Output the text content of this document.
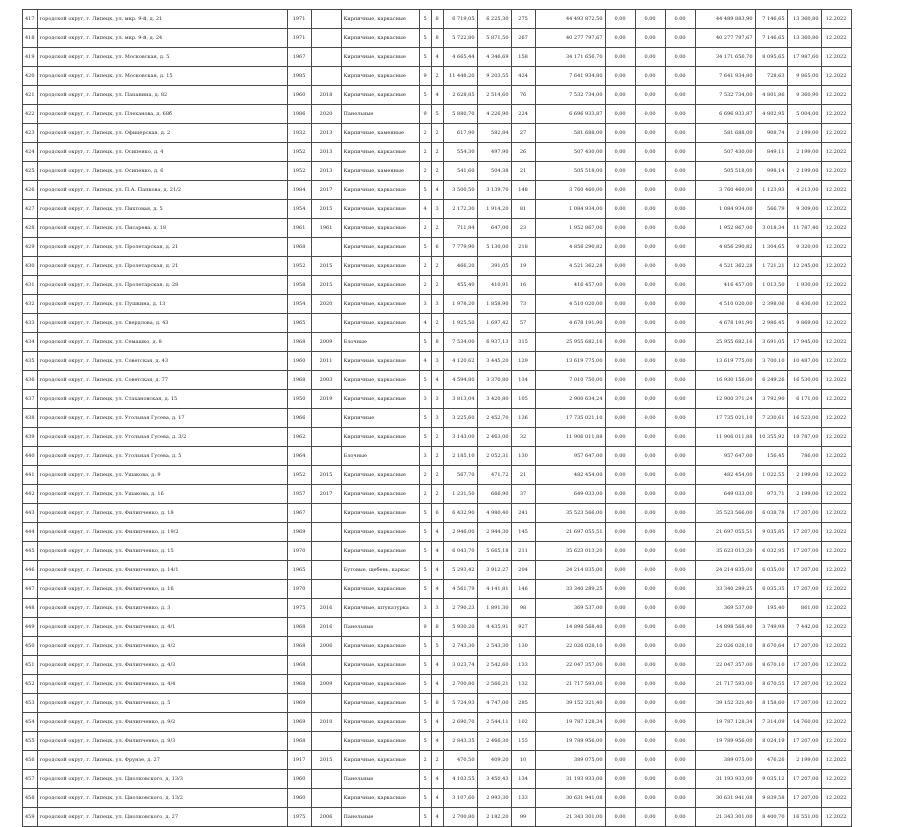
417	городской округ, г. Липецк, ул. мкр. 9-й, д. 21	1971		Кирпичные, каркасные	5	8	6 719,05	6 225,30	275	44 493 872,50	0,00	0,00	0,00	44 489 883,90	7 146,65	13 360,80	12.2022
418	городской округ, г. Липецк, ул. мкр. 9-й, д. 24	1971		Кирпичные, каркасные	5	8	5 722,80	5 871,50	267	40 277 797,67	0,00	0,00	0,00	40 277 797,67	7 146,65	13 360,80	12.2022
419	городской округ, г. Липецк, ул. Московская, д. 5	1967		Кирпичные, каркасные	5	4	4 665,44	4 346,69	158	34 171 656,70	0,00	0,00	0,00	34 171 656,70	8 095,65	17 987,60	12.2022
420	городской округ, г. Липецк, ул. Московская, д. 15	1985		Кирпичные, каркасные	9	2	11 448,20	9 203,55	424	7 641 934,80	0,00	0,00	0,00	7 641 934,80	728,63	9 865,00	12.2022
421	городской округ, г. Липецк, ул. Папанина, д. 82	1960	2018	Кирпичные, каркасные	5	4	2 628,85	2 514,60	76	7 532 734,00	0,00	0,00	0,00	7 532 734,00	4 801,86	9 360,90	12.2022
422	городской округ, г. Липецк, ул. Плеханова, д. 68б	1986	2020	Панельные	9	5	5 880,70	4 226,90	224	6 696 933,87	0,00	0,00	0,00	6 696 933,87	4 802,95	5 004,00	12.2022
423	городской округ, г. Липецк, ул. Офицерская, д. 2	1932	2013	Кирпичные, каменные	2	2	617,90	582,84	27	581 688,00	0,00	0,00	0,00	581 688,00	908,74	2 199,00	12.2022
424	городской округ, г. Липецк, ул. Осипенко, д. 4	1952	2013	Кирпичные, каркасные	2	2	554,30	497,90	26	507 430,00	0,00	0,00	0,00	507 430,00	849,11	2 199,00	12.2022
425	городской округ, г. Липецк, ул. Осипенко, д. 6	1952	2013	Кирпичные, каменные	2	2	541,60	504,38	21	505 518,00	0,00	0,00	0,00	505 518,00	998,14	2 199,00	12.2022
426	городской округ, г. Липецк, ул. П.А. Папкова, д. 21/2	1984	2017	Кирпичные, каркасные	5	4	3 500,50	3 139,70	148	3 760 460,00	0,00	0,00	0,00	3 760 460,00	1 123,93	4 213,00	12.2022
427	городской округ, г. Липецк, ул. Пихтовая, д. 5	1954	2015	Кирпичные, каркасные	4	3	2 172,30	1 914,20	81	1 084 934,00	0,00	0,00	0,00	1 084 934,00	566,79	9 309,00	12.2022
428	городской округ, г. Липецк, ул. Писарева, д. 18	1961	1961	Кирпичные, каркасные	2	2	711,84	647,00	23	1 952 867,00	0,00	0,00	0,00	1 952 867,00	3 018,34	11 787,40	12.2022
429	городской округ, г. Липецк, ул. Пролетарская, д. 21	1968		Кирпичные, каркасные	5	6	7 779,90	5 130,00	218	4 856 290,82	0,00	0,00	0,00	4 856 290,82	1 304,65	9 320,00	12.2022
430	городской округ, г. Липецк, ул. Пролетарская, д. 21	1952	2015	Кирпичные, каркасные	2	2	466,20	391,05	19	4 521 362,28	0,00	0,00	0,00	4 521 362,28	1 721,21	12 245,00	12.2022
431	городской округ, г. Липецк, ул. Пролетарская, д. 28	1958	2015	Кирпичные, каркасные	2	2	455,40	410,91	16	416 457,00	0,00	0,00	0,00	416 457,00	1 013,50	1 930,00	12.2022
432	городской округ, г. Липецк, ул. Пушкина, д. 13	1954	2020	Кирпичные, каркасные	3	3	1 978,20	1 858,90	73	4 510 020,00	0,00	0,00	0,00	4 510 020,00	2 398,06	6 436,00	12.2022
433	городской округ, г. Липецк, ул. Свердлова, д. 43	1965		Кирпичные, каркасные	4	2	1 925,50	1 697,42	57	4 678 191,90	0,00	0,00	0,00	4 678 191,90	2 986,45	9 869,00	12.2022
434	городской округ, г. Липецк, ул. Семашко, д. 8	1968	2009	Блочные	5	8	7 534,00	6 937,13	315	25 955 682,16	0,00	0,00	0,00	25 955 682,16	3 691,05	17 945,00	12.2022
435	городской округ, г. Липецк, ул. Советская, д. 43	1960	2011	Кирпичные, каркасные	4	3	4 120,62	3 445,20	129	13 619 775,00	0,00	0,00	0,00	13 619 775,00	3 700,10	10 487,00	12.2022
436	городской округ, г. Липецк, ул. Советская, д. 77	1968	2003	Кирпичные, каркасные	5	4	4 594,80	3 370,80	134	7 010 750,00	0,00	0,00	0,00	16 930 156,00	6 249,26	16 530,00	12.2022
437	городской округ, г. Липецк, ул. Стахановская, д. 15	1950	2019	Кирпичные, каркасные	3	3	3 813,04	3 420,80	105	2 900 634,24	0,00	0,00	0,00	12 900 371,24	3 792,90	6 171,00	12.2022
438	городской округ, г. Липецк, ул. Угольная Гусева, д. 17	1966		Кирпичные	5	3	3 225,60	2 452,70	136	17 735 021,10	0,00	0,00	0,00	17 735 021,10	7 230,61	16 523,00	12.2022
439	городской округ, г. Липецк, ул. Угольная Гусева, д. 3/2	1962		Кирпичные, каркасные	5	2	3 143,00	2 463,00	32	11 906 011,88	0,00	0,00	0,00	11 906 011,88	10 355,92	19 787,00	12.2022
440	городской округ, г. Липецк, ул. Угольная Гусева, д. 5	1964		Блочные	3	2	2 185,10	2 052,31	130	957 647,00	0,00	0,00	0,00	957 647,00	156,45	786,00	12.2022
441	городской округ, г. Липецк, ул. Ушакова, д. 9	1952	2015	Кирпичные, каркасные	2	2	567,70	471,72	21	482 454,00	0,00	0,00	0,00	482 454,00	1 022,55	2 199,00	12.2022
442	городской округ, г. Липецк, ул. Ушакова, д. 16	1957	2017	Кирпичные, каркасные	2	2	1 231,50	666,90	37	649 033,00	0,00	0,00	0,00	649 033,00	973,71	2 199,00	12.2022
443	городской округ, г. Липецк, ул. Филипченко, д. 18	1967		Кирпичные, каркасные	5	6	6 432,90	4 980,40	241	35 523 566,00	0,00	0,00	0,00	35 523 566,00	6 038,78	17 207,00	12.2022
444	городской округ, г. Липецк, ул. Филипченко, д. 19/2	1969		Кирпичные, каркасные	5	4	2 946,00	2 944,30	145	21 697 055,51	0,00	0,00	0,00	21 697 055,51	9 035,85	17 207,00	12.2022
445	городской округ, г. Липецк, ул. Филипченко, д. 15	1970		Кирпичные, каркасные	5	4	6 043,70	5 665,18	211	35 623 013,20	0,00	0,00	0,00	35 623 013,20	6 032,95	17 207,00	12.2022
446	городской округ, г. Липецк, ул. Филипченко, д. 14/1	1965		Бутовые, щебень, каркас	5	4	5 293,42	3 912,27	204	24 214 835,00	0,00	0,00	0,00	24 214 835,00	6 035,00	17 207,00	12.2022
447	городской округ, г. Липецк, ул. Филипченко, д. 16	1970		Кирпичные, каркасные	5	4	4 561,79	4 141,81	146	33 340 289,25	0,00	0,00	0,00	33 340 289,25	6 035,35	17 207,00	12.2022
448	городской округ, г. Липецк, ул. Филипченко, д. 3	1975	2016	Кирпичные, штукатурка	3	3	2 790,23	1 891,30	98	369 537,00	0,00	0,00	0,00	369 537,00	195,40	861,00	12.2022
449	городской округ, г. Липецк, ул. Филипченко, д. 4/1	1968	2016	Панельные	9	8	5 930,20	4 435,91	927	14 898 568,40	0,00	0,00	0,00	14 898 568,40	3 749,98	7 442,00	12.2022
450	городской округ, г. Липецк, ул. Филипченко, д. 4/2	1968	2006	Кирпичные, каркасные	5	5	2 743,30	2 543,30	130	22 026 028,10	0,00	0,00	0,00	22 026 028,10	8 670,64	17 207,00	12.2022
451	городской округ, г. Липецк, ул. Филипченко, д. 4/3	1968		Кирпичные, каркасные	5	4	3 023,74	2 542,60	133	22 047 357,00	0,00	0,00	0,00	22 047 357,00	8 670,10	17 207,00	12.2022
452	городской округ, г. Липецк, ул. Филипченко, д. 4/4	1968	2009	Кирпичные, каркасные	5	4	2 700,80	2 566,21	132	21 717 593,00	0,00	0,00	0,00	21 717 593,00	8 670,55	17 207,00	12.2022
453	городской округ, г. Липецк, ул. Филипченко, д. 5	1969		Кирпичные, каркасные	5	8	5 724,93	4 747,00	285	39 152 321,40	0,00	0,00	0,00	39 152 321,40	8 158,60	17 207,00	12.2022
454	городской округ, г. Липецк, ул. Филипченко, д. 9/2	1969	2010	Кирпичные, каркасные	5	4	2 690,70	2 544,11	102	19 787 128,34	0,00	0,00	0,00	19 787 128,34	7 314,09	14 760,00	12.2022
455	городской округ, г. Липецк, ул. Филипченко, д. 9/3	1968		Кирпичные, каркасные	5	4	2 843,35	2 466,30	155	19 789 956,00	0,00	0,00	0,00	19 789 956,00	8 024,19	17 207,00	12.2022
456	городской округ, г. Липецк, ул. Фрунзе, д. 27	1917	2015	Кирпичные, каркасные	2	2	470,50	409,20	10	389 075,00	0,00	0,00	0,00	389 075,00	476,26	2 199,00	12.2022
457	городской округ, г. Липецк, ул. Циолковского, д. 13/3	1960		Панельные	5	4	4 103,55	3 450,43	134	31 193 933,00	0,00	0,00	0,00	31 193 933,00	9 035,12	17 207,00	12.2022
458	городской округ, г. Липецк, ул. Циолковского, д. 13/2	1960		Кирпичные, каркасные	5	4	3 107,60	2 993,30	133	30 631 941,08	0,00	0,00	0,00	30 631 941,08	9 839,58	17 207,00	12.2022
459	городской округ, г. Липецк, ул. Циолковского, д. 27	1975	2006	Панельные	5	4	2 700,80	2 182,20	99	21 343 301,00	0,00	0,00	0,00	21 343 301,00	8 400,70	16 551,00	12.2022
